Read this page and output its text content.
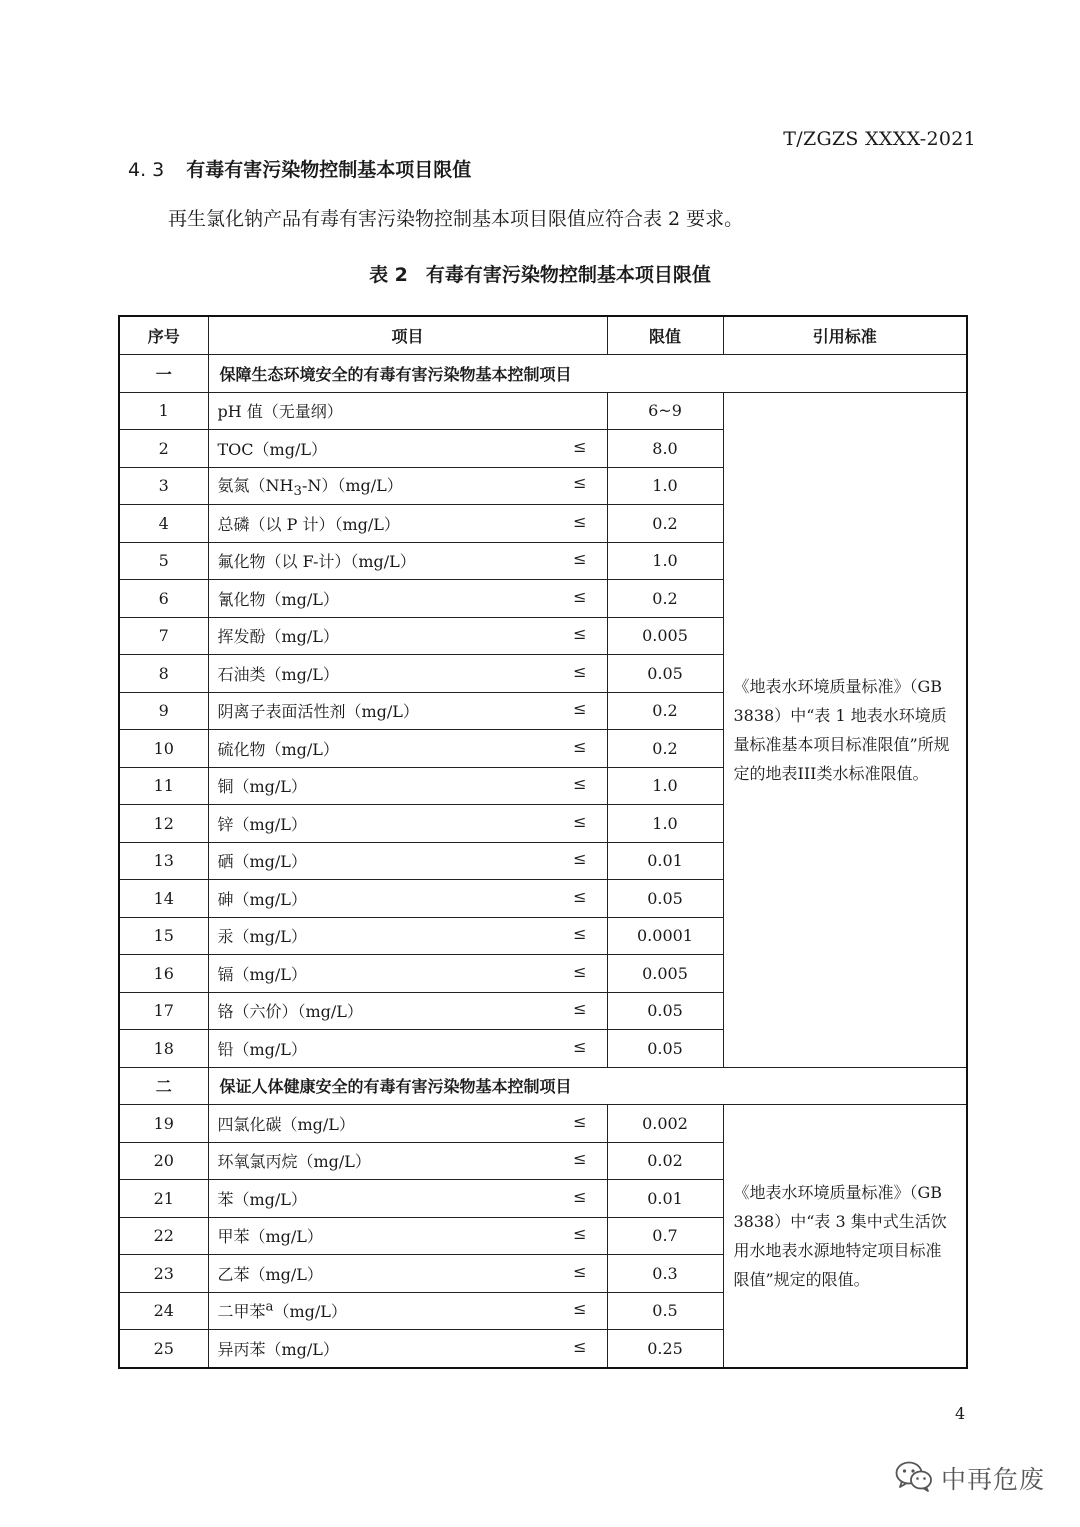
T/ZGZS XXXX-2021
4. 3 有毒有害污染物控制基本项目限值
再生氯化钠产品有毒有害污染物控制基本项目限值应符合表 2 要求。
表 2 有毒有害污染物控制基本项目限值
序号	项目	限值	引用标准
一	保障生态环境安全的有毒有害污染物基本控制项目		
1	pH 值（无量纲）	6~9	《地表水环境质量标准》（GB 3838）中“表 1 地表水环境质量标准基本项目标准限值”所规定的地表III类水标准限值。
2	TOC（mg/L） ≤	8.0	
3	氨氮$(NH_3-N)(mg/L)$ ≤	1.0	
4	总磷（以 P 计）（mg/L） ≤	0.2	
5	氟化物（以 F-计）（mg/L） ≤	1.0	
6	氰化物（mg/L） ≤	0.2	
7	挥发酚（mg/L） ≤	0.005	
8	石油类（mg/L） ≤	0.05	
9	阴离子表面活性剂（mg/L） ≤	0.2	
10	硫化物（mg/L） ≤	0.2	
11	铜（mg/L） ≤	1.0	
12	锌（mg/L） ≤	1.0	
13	硒（mg/L） ≤	0.01	
14	砷（mg/L） ≤	0.05	
15	汞（mg/L） ≤	0.0001	
16	镉（mg/L） ≤	0.005	
17	铬（六价）（mg/L） ≤	0.05	
18	铅（mg/L） ≤	0.05	
二	保证人体健康安全的有毒有害污染物基本控制项目		
19	四氯化碳（mg/L） ≤	0.002	《地表水环境质量标准》（GB 3838）中“表 3 集中式生活饮用水地表水源地特定项目标准限值”规定的限值。
20	环氧氯丙烷（mg/L） ≤	0.02	
21	苯（mg/L） ≤	0.01	
22	甲苯（mg/L） ≤	0.7	
23	乙苯（mg/L） ≤	0.3	
24	二甲苯$^a$（mg/L） ≤	0.5	
25	异丙苯（mg/L） ≤	0.25	
4
中再危废
